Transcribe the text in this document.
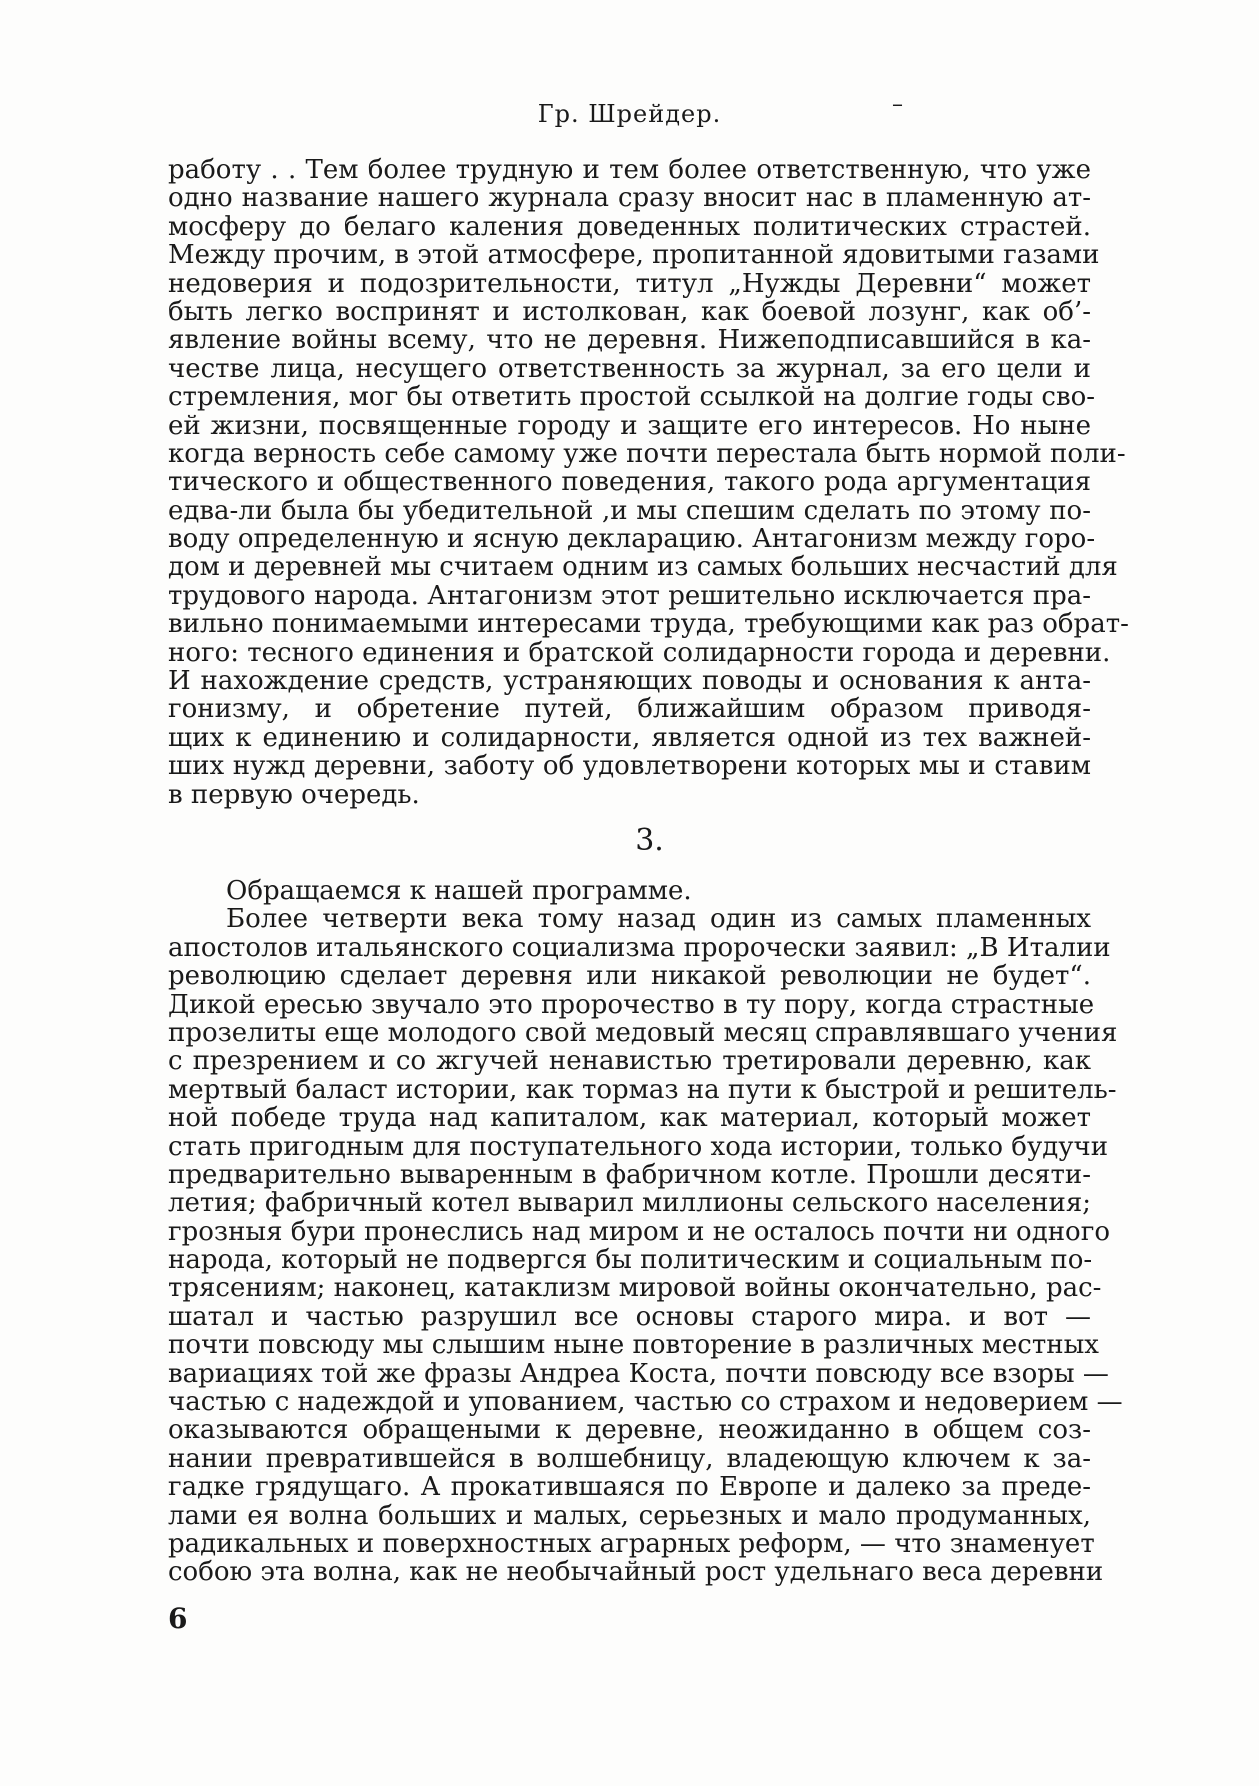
Гр. Шрейдер.	–
работу . . Тем более трудную и тем более ответственную, что уже
одно название нашего журнала сразу вносит нас в пламенную ат-
мосферу до белаго каления доведенных политических страстей.
Между прочим, в этой атмосфере, пропитанной ядовитыми газами
недоверия и подозрительности, титул „Нужды Деревни“ может
быть легко воспринят и истолкован, как боевой лозунг, как об’-
явление войны всему, что не деревня. Нижеподписавшийся в ка-
честве лица, несущего ответственность за журнал, за его цели и
стремления, мог бы ответить простой ссылкой на долгие годы сво-
ей жизни, посвященные городу и защите его интересов. Но ныне
когда верность себе самому уже почти перестала быть нормой поли-
тического и общественного поведения, такого рода аргументация
едва-ли была бы убедительной ,и мы спешим сделать по этому по-
воду определенную и ясную декларацию. Антагонизм между горо-
дом и деревней мы считаем одним из самых больших несчастий для
трудового народа. Антагонизм этот решительно исключается пра-
вильно понимаемыми интересами труда, требующими как раз обрат-
ного: тесного единения и братской солидарности города и деревни.
И нахождение средств, устраняющих поводы и основания к анта-
гонизму, и обретение путей, ближайшим образом приводя-
щих к единению и солидарности, является одной из тех важней-
ших нужд деревни, заботу об удовлетворени которых мы и ставим
в первую очередь.
3.
Обращаемся к нашей программе.
Более четверти века тому назад один из самых пламенных
апостолов итальянского социализма пророчески заявил: „В Италии
революцию сделает деревня или никакой революции не будет“.
Дикой ересью звучало это пророчество в ту пору, когда страстные
прозелиты еще молодого свой медовый месяц справлявшаго учения
с презрением и со жгучей ненавистью третировали деревню, как
мертвый баласт истории, как тормаз на пути к быстрой и решитель-
ной победе труда над капиталом, как материал, который может
стать пригодным для поступательного хода истории, только будучи
предварительно вываренным в фабричном котле. Прошли десяти-
летия; фабричный котел выварил миллионы сельского населения;
грозныя бури пронеслись над миром и не осталось почти ни одного
народа, который не подвергся бы политическим и социальным по-
трясениям; наконец, катаклизм мировой войны окончательно, рас-
шатал и частью разрушил все основы старого мира. и вот —
почти повсюду мы слышим ныне повторение в различных местных
вариациях той же фразы Андреа Коста, почти повсюду все взоры —
частью с надеждой и упованием, частью со страхом и недоверием —
оказываются обращеными к деревне, неожиданно в общем соз-
нании превратившейся в волшебницу, владеющую ключем к за-
гадке грядущаго. А прокатившаяся по Европе и далеко за преде-
лами ея волна больших и малых, серьезных и мало продуманных,
радикальных и поверхностных аграрных реформ, — что знаменует
собою эта волна, как не необычайный рост удельнаго веса деревни
6
